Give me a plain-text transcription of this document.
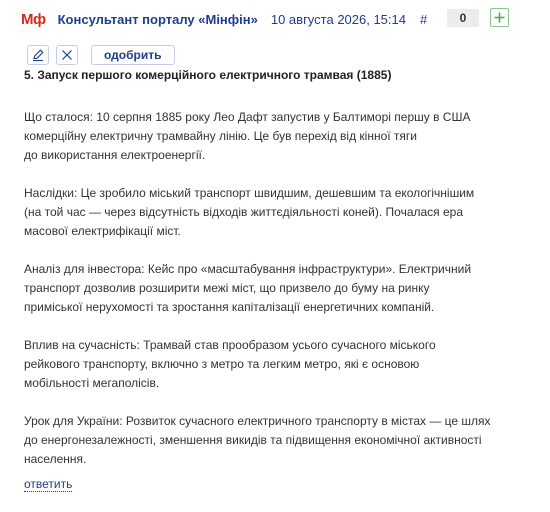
Мф Консультант порталу «Мінфін» 10 августа 2026, 15:14 #	0
одобрить
5. Запуск першого комерційного електричного трамвая (1885)

Що сталося: 10 серпня 1885 року Лео Дафт запустив у Балтиморі першу в США
комерційну електричну трамвайну лінію. Це був перехід від кінної тяги
до використання електроенергії.

Наслідки: Це зробило міський транспорт швидшим, дешевшим та екологічнішим
(на той час — через відсутність відходів життєдіяльності коней). Почалася ера
масової електрифікації міст.

Аналіз для інвестора: Кейс про «масштабування інфраструктури». Електричний
транспорт дозволив розширити межі міст, що призвело до буму на ринку
приміської нерухомості та зростання капіталізації енергетичних компаній.

Вплив на сучасність: Трамвай став прообразом усього сучасного міського
рейкового транспорту, включно з метро та легким метро, які є основою
мобільності мегаполісів.

Урок для України: Розвиток сучасного електричного транспорту в містах — це шлях
до енергонезалежності, зменшення викидів та підвищення економічної активності
населення.

ответить
